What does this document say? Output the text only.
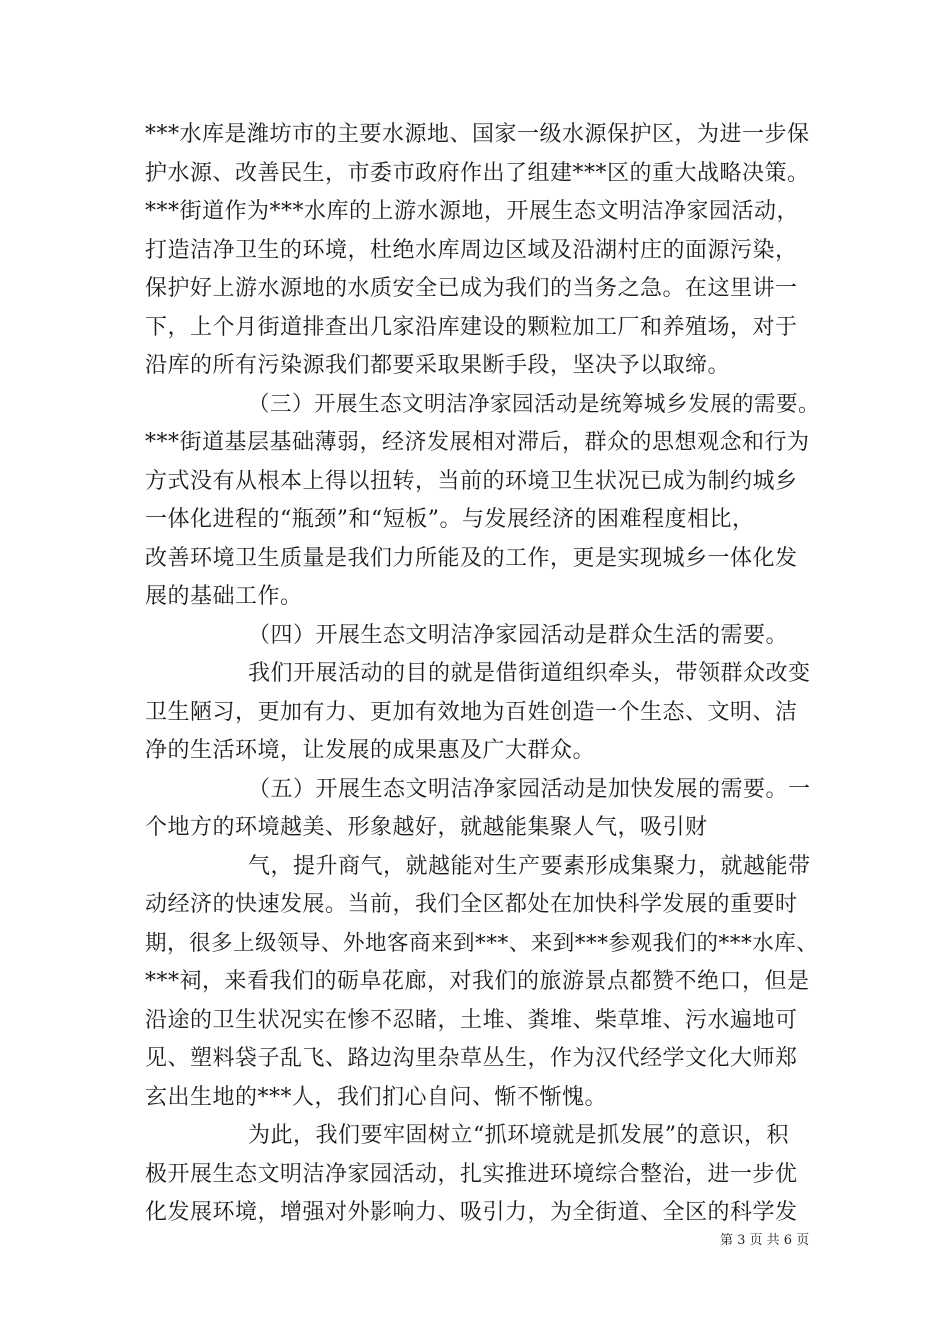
***水库是潍坊市的主要水源地、国家一级水源保护区，为进一步保
护水源、改善民生，市委市政府作出了组建***区的重大战略决策。
***街道作为***水库的上游水源地，开展生态文明洁净家园活动，
打造洁净卫生的环境，杜绝水库周边区域及沿湖村庄的面源污染，
保护好上游水源地的水质安全已成为我们的当务之急。在这里讲一
下，上个月街道排查出几家沿库建设的颗粒加工厂和养殖场，对于
沿库的所有污染源我们都要采取果断手段，坚决予以取缔。
（三）开展生态文明洁净家园活动是统筹城乡发展的需要。
***街道基层基础薄弱，经济发展相对滞后，群众的思想观念和行为
方式没有从根本上得以扭转，当前的环境卫生状况已成为制约城乡
一体化进程的“瓶颈”和“短板”。与发展经济的困难程度相比，
改善环境卫生质量是我们力所能及的工作，更是实现城乡一体化发
展的基础工作。
（四）开展生态文明洁净家园活动是群众生活的需要。
我们开展活动的目的就是借街道组织牵头，带领群众改变
卫生陋习，更加有力、更加有效地为百姓创造一个生态、文明、洁
净的生活环境，让发展的成果惠及广大群众。
（五）开展生态文明洁净家园活动是加快发展的需要。一
个地方的环境越美、形象越好，就越能集聚人气，吸引财
气，提升商气，就越能对生产要素形成集聚力，就越能带
动经济的快速发展。当前，我们全区都处在加快科学发展的重要时
期，很多上级领导、外地客商来到***、来到***参观我们的***水库、
***祠，来看我们的砺阜花廊，对我们的旅游景点都赞不绝口，但是
沿途的卫生状况实在惨不忍睹，土堆、粪堆、柴草堆、污水遍地可
见、塑料袋子乱飞、路边沟里杂草丛生，作为汉代经学文化大师郑
玄出生地的***人，我们扪心自问、惭不惭愧。
为此，我们要牢固树立“抓环境就是抓发展”的意识，积
极开展生态文明洁净家园活动，扎实推进环境综合整治，进一步优
化发展环境，增强对外影响力、吸引力，为全街道、全区的科学发
第 3 页 共 6 页
